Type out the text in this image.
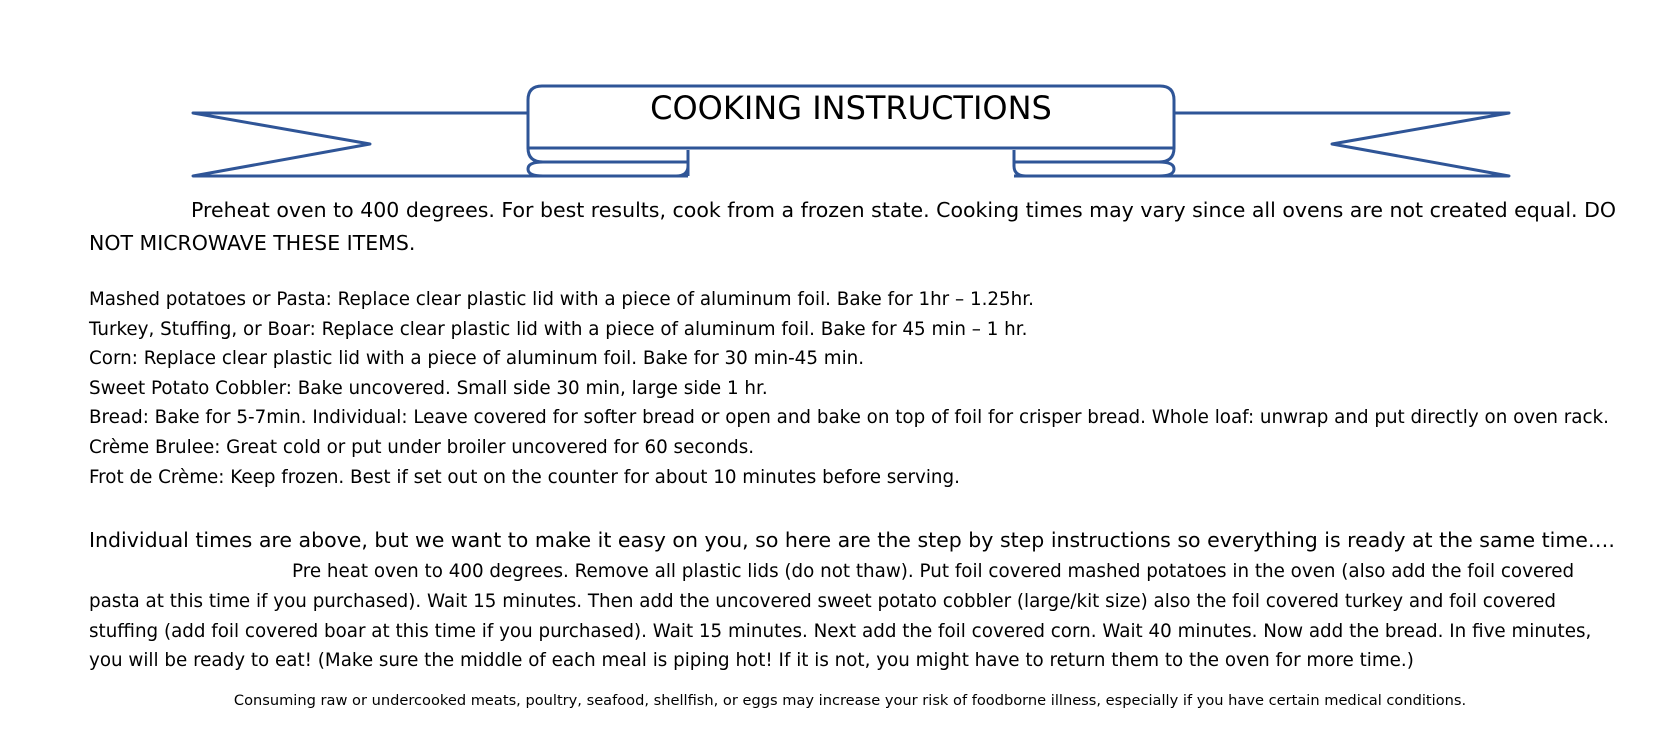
COOKING INSTRUCTIONS

Preheat oven to 400 degrees. For best results, cook from a frozen state. Cooking times may vary since all ovens are not created equal. DO NOT MICROWAVE THESE ITEMS.

Mashed potatoes or Pasta: Replace clear plastic lid with a piece of aluminum foil. Bake for 1hr – 1.25hr.
Turkey, Stuffing, or Boar: Replace clear plastic lid with a piece of aluminum foil. Bake for 45 min – 1 hr.
Corn: Replace clear plastic lid with a piece of aluminum foil. Bake for 30 min-45 min.
Sweet Potato Cobbler: Bake uncovered. Small side 30 min, large side 1 hr.
Bread: Bake for 5-7min. Individual: Leave covered for softer bread or open and bake on top of foil for crisper bread. Whole loaf: unwrap and put directly on oven rack.
Crème Brulee: Great cold or put under broiler uncovered for 60 seconds.
Frot de Crème: Keep frozen. Best if set out on the counter for about 10 minutes before serving.

Individual times are above, but we want to make it easy on you, so here are the step by step instructions so everything is ready at the same time….

Pre heat oven to 400 degrees. Remove all plastic lids (do not thaw). Put foil covered mashed potatoes in the oven (also add the foil covered pasta at this time if you purchased). Wait 15 minutes. Then add the uncovered sweet potato cobbler (large/kit size) also the foil covered turkey and foil covered stuffing (add foil covered boar at this time if you purchased). Wait 15 minutes. Next add the foil covered corn. Wait 40 minutes. Now add the bread. In five minutes, you will be ready to eat! (Make sure the middle of each meal is piping hot! If it is not, you might have to return them to the oven for more time.)

Consuming raw or undercooked meats, poultry, seafood, shellfish, or eggs may increase your risk of foodborne illness, especially if you have certain medical conditions.
